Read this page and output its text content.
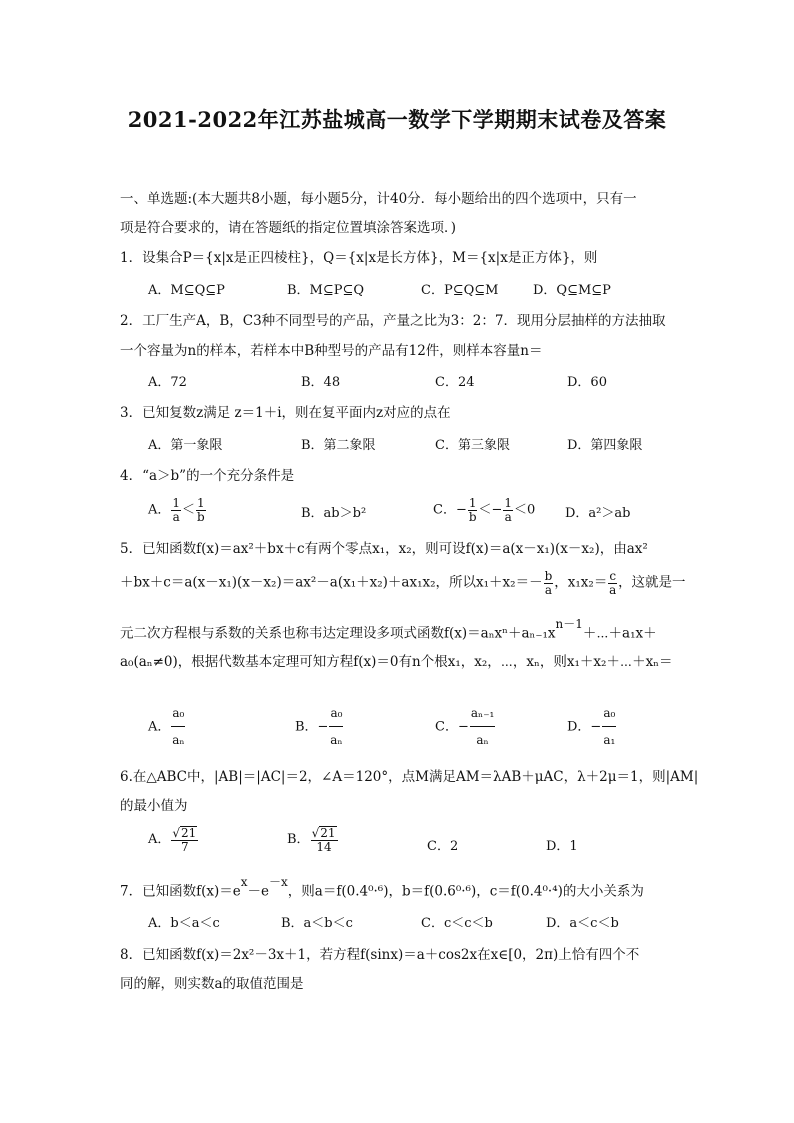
2021-2022年江苏盐城高一数学下学期期末试卷及答案
一、单选题:(本大题共8小题，每小题5分，计40分．每小题给出的四个选项中，只有一
项是符合要求的，请在答题纸的指定位置填涂答案选项．)
1．设集合P＝{x|x是正四棱柱}，Q＝{x|x是长方体}，M＝{x|x是正方体}，则
A．M⊆Q⊆P	B．M⊆P⊆Q	C．P⊆Q⊆M	D．Q⊆M⊆P
2．工厂生产A，B，C3种不同型号的产品，产量之比为3：2：7．现用分层抽样的方法抽取
一个容量为n的样本，若样本中B种型号的产品有12件，则样本容量n＝
A．72	B．48	C．24	D．60
3．已知复数z满足 z＝1＋i，则在复平面内z对应的点在
A．第一象限	B．第二象限	C．第三象限	D．第四象限
4．“a＞b”的一个充分条件是
A． $\frac{1}{a} < \frac{1}{b}$	B．ab＞b²	C．− $\frac{1}{b} <- \frac{1}{a} <0$ D．a²＞ab
5．已知函数f(x)＝ax²＋bx＋c有两个零点x₁，x₂，则可设f(x)＝a(x－x₁)(x－x₂)，由ax²
＋bx＋c＝a(x－x₁)(x－x₂)＝ax²－a(x₁＋x₂)＋ax₁x₂，所以$x_1+x_2=- \frac{b}{a}$ ，$x_1x_2= \frac{c}{a}$ ，这就是一
元二次方程根与系数的关系也称韦达定理设多项式函数$f(x)=a_nx^n+a_{n-1}x^{n-1}+\cdots+a_1x+$
a₀(aₙ≠0)，根据代数基本定理可知方程f(x)＝0有n个根x₁，x₂，⋯，xₙ，则x₁＋x₂＋⋯＋xₙ＝
A． $\frac{\text{a₀}}{\text{aₙ}}$	B．− $\frac{\text{a₀}}{\text{aₙ}}$	C．− $\frac{\text{aₙ₋₁}}{\text{aₙ}}$	D．− $\frac{\text{a₀}}{\text{a₁}}$
6.在△ABC中，|AB|＝|AC|＝2，∠A＝120°，点M满足AM＝λAB＋μAC，λ＋2μ＝1，则|AM|
的最小值为
A． $\frac{√21}{7}$	B． $\frac{√21}{14}$	C．2	D．1
7．已知函数$f(x)=e^x-e^{-x}$，则a＝f(0.4⁰·⁶)，b＝f(0.6⁰·⁶)，c＝f(0.4⁰·⁴)的大小关系为
A．b＜a＜c	B．a＜b＜c	C．c＜c＜b	D．a＜c＜b
8．已知函数f(x)＝2x²－3x＋1，若方程f(sinx)＝a＋cos2x在x∈[0，2π)上恰有四个不
同的解，则实数a的取值范围是
